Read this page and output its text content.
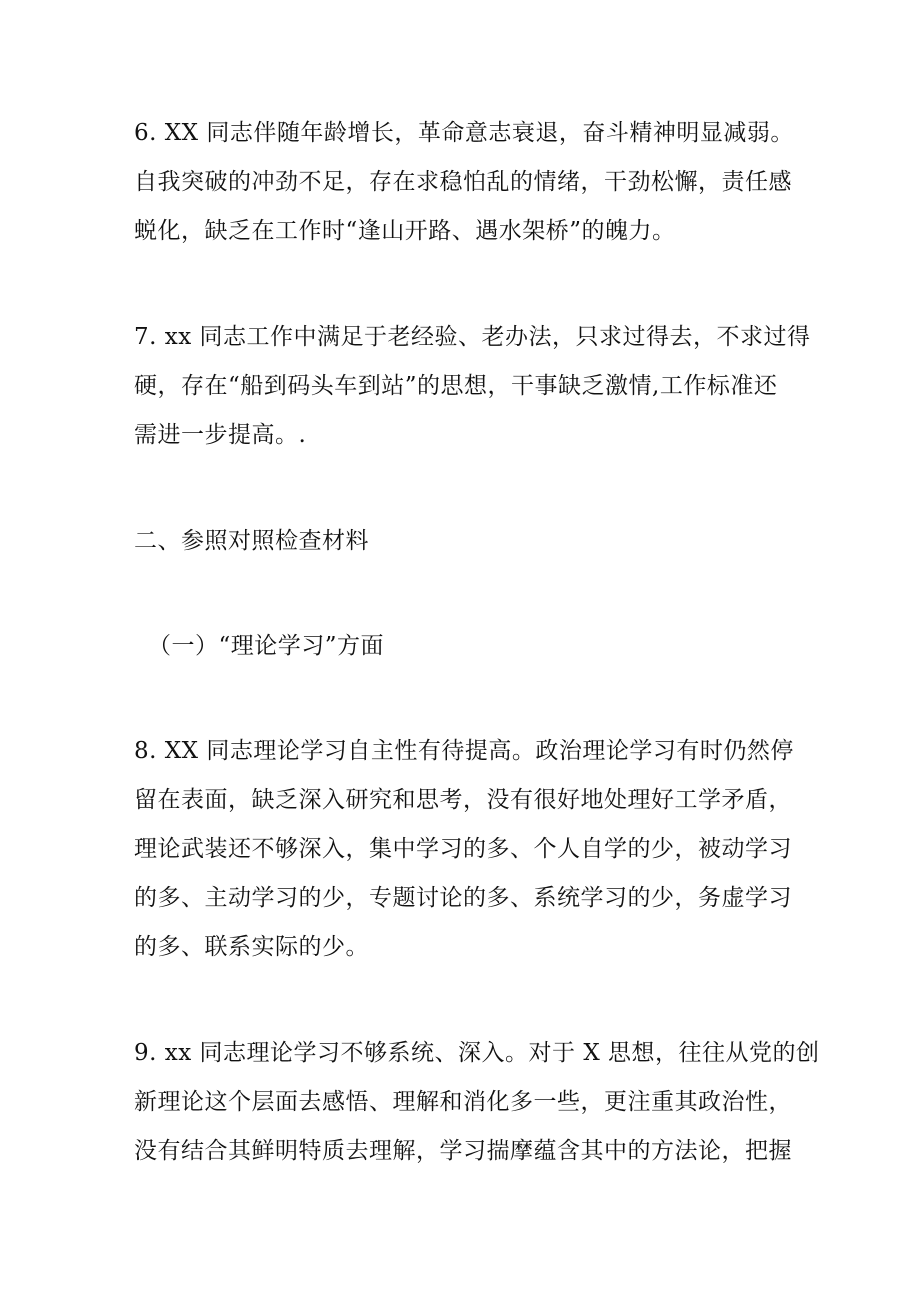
6. XX 同志伴随年龄增长，革命意志衰退，奋斗精神明显减弱。
自我突破的冲劲不足，存在求稳怕乱的情绪，干劲松懈，责任感
蜕化，缺乏在工作时“逢山开路、遇水架桥”的魄力。
7. xx 同志工作中满足于老经验、老办法，只求过得去，不求过得
硬，存在“船到码头车到站”的思想，干事缺乏激情,工作标准还
需进一步提高。.

二、参照对照检查材料

（一）“理论学习”方面

8. XX 同志理论学习自主性有待提高。政治理论学习有时仍然停
留在表面，缺乏深入研究和思考，没有很好地处理好工学矛盾，
理论武装还不够深入，集中学习的多、个人自学的少，被动学习
的多、主动学习的少，专题讨论的多、系统学习的少，务虚学习
的多、联系实际的少。
9. xx 同志理论学习不够系统、深入。对于 X 思想，往往从党的创
新理论这个层面去感悟、理解和消化多一些，更注重其政治性，
没有结合其鲜明特质去理解，学习揣摩蕴含其中的方法论，把握
